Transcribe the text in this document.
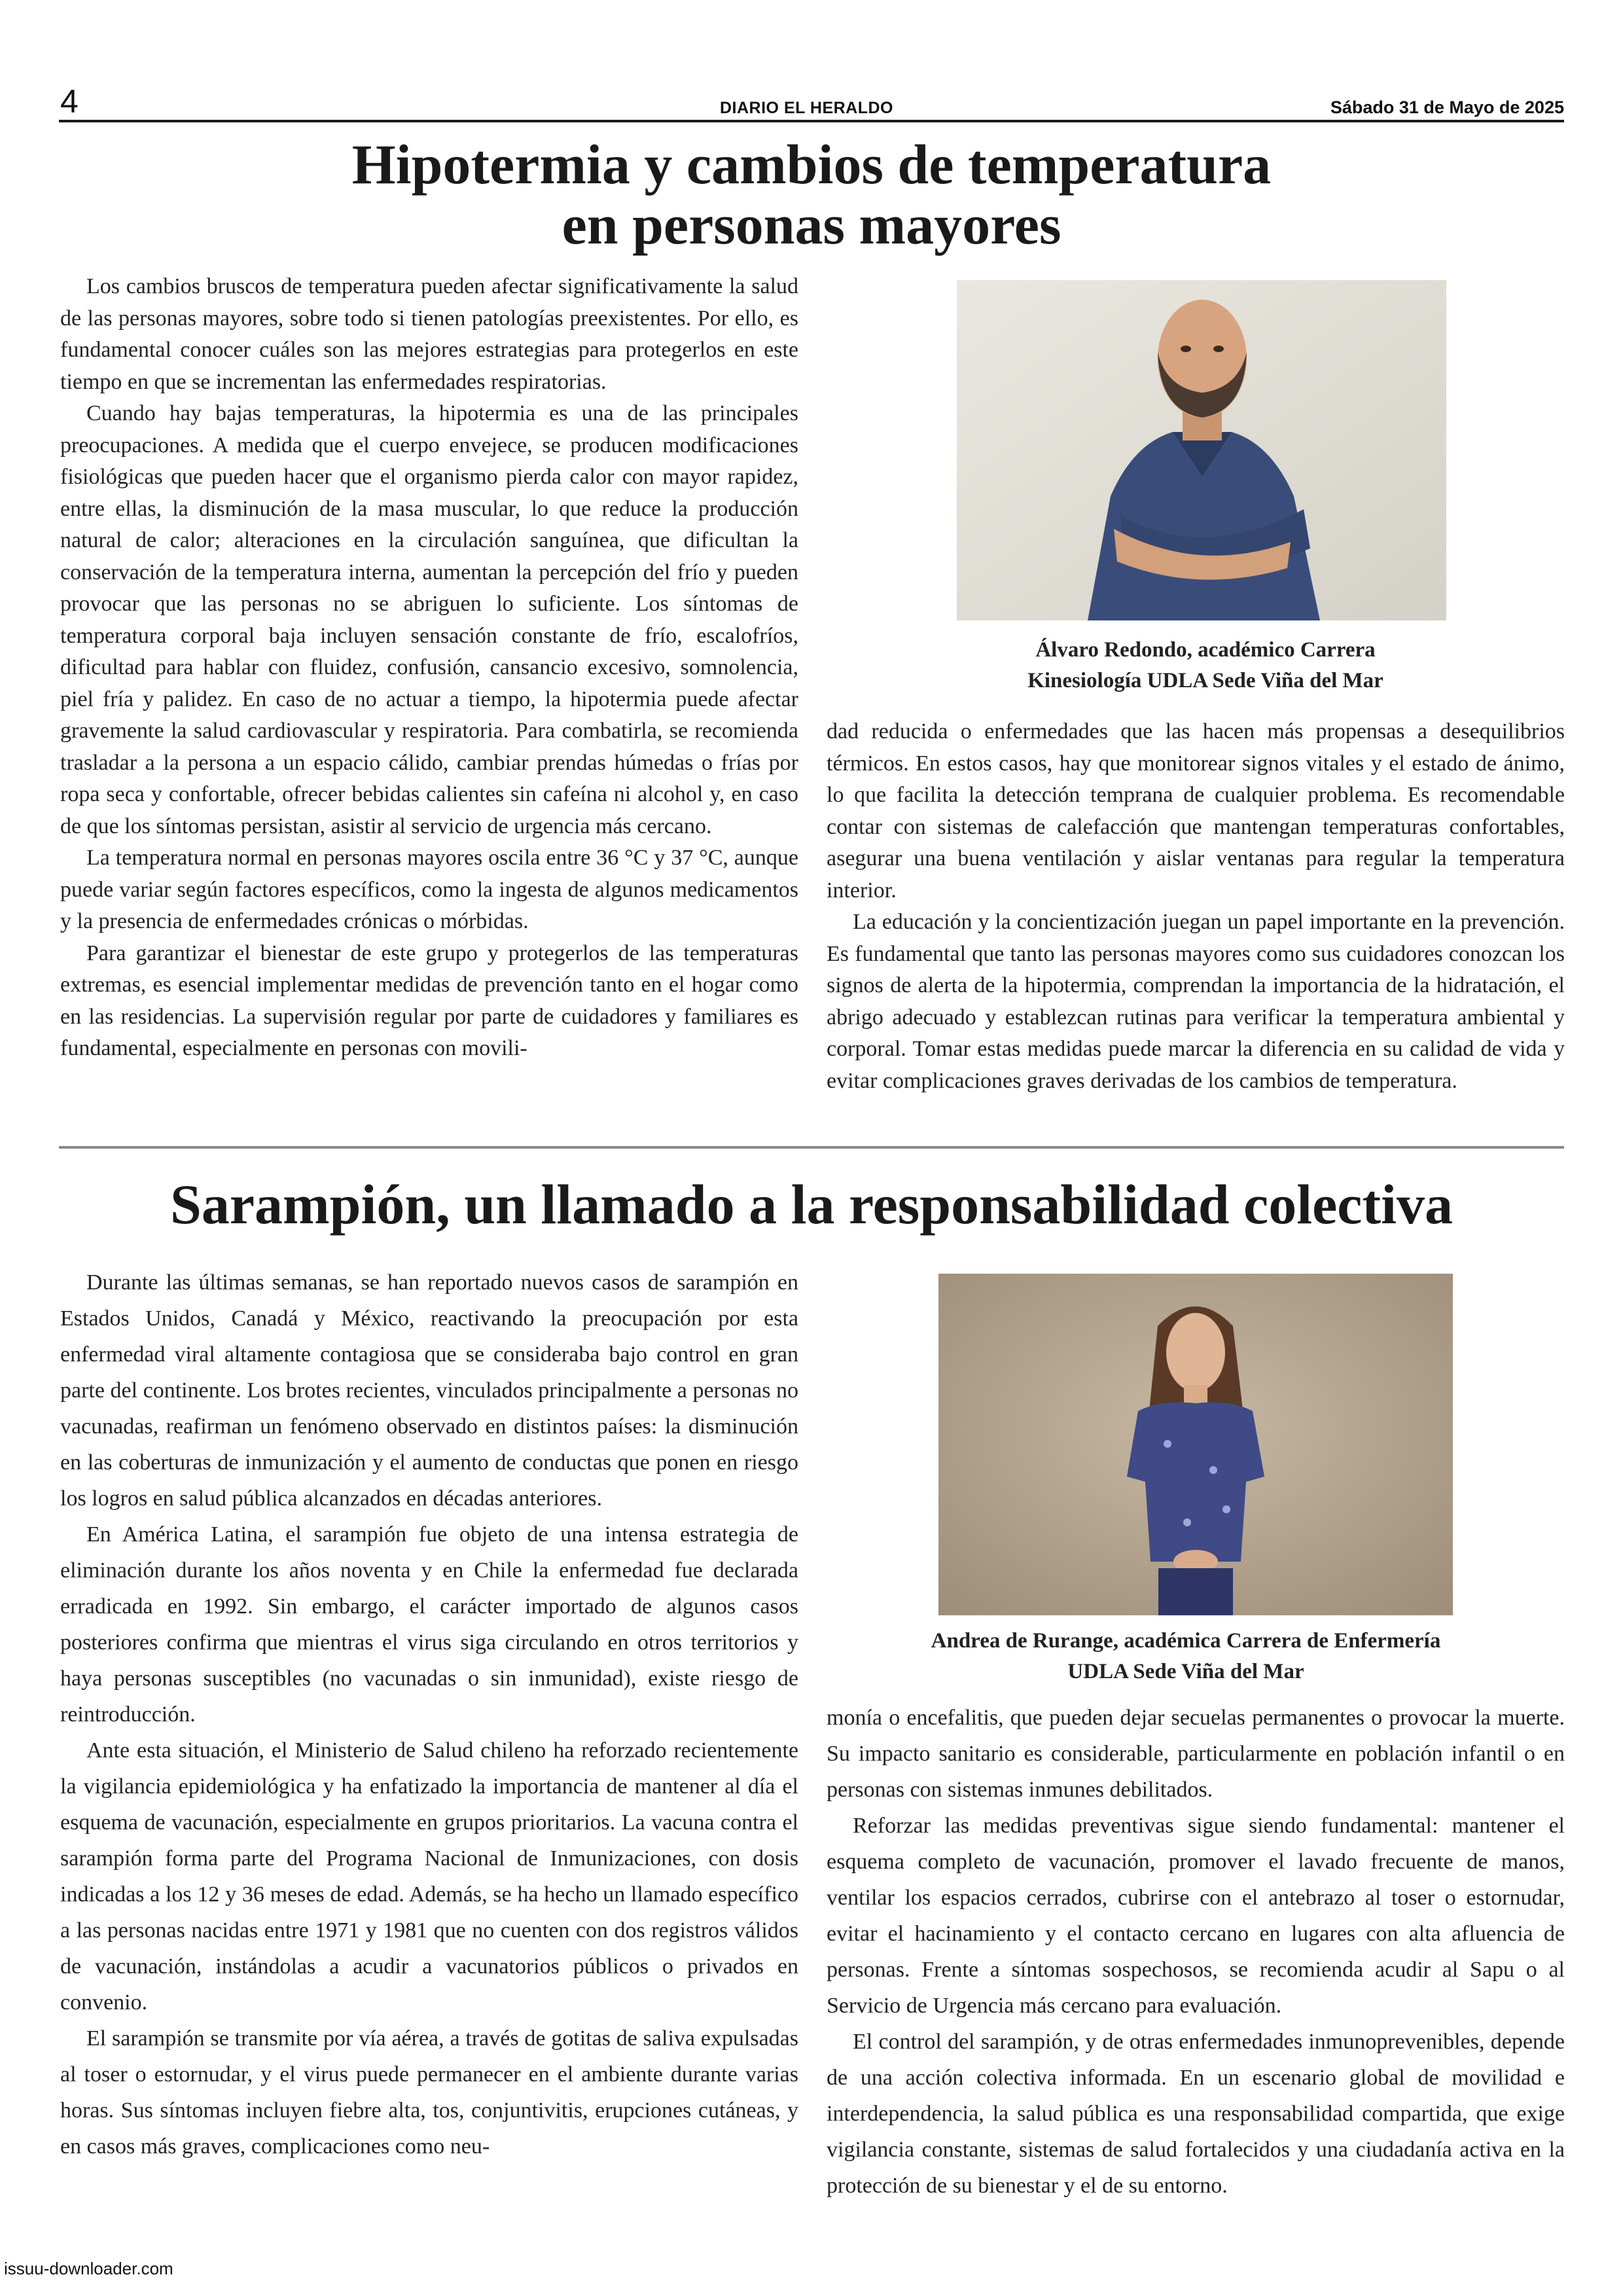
4	DIARIO EL HERALDO	Sábado 31 de Mayo de 2025
Hipotermia y cambios de temperatura
en personas mayores

Los cambios bruscos de temperatura pueden afectar significativamente la salud de las personas mayores, sobre todo si tienen patologías preexistentes. Por ello, es fundamental conocer cuáles son las mejores estrategias para protegerlos en este tiempo en que se incrementan las enfermedades respiratorias.

Cuando hay bajas temperaturas, la hipotermia es una de las principales preocupaciones. A medida que el cuerpo envejece, se producen modificaciones fisiológicas que pueden hacer que el organismo pierda calor con mayor rapidez, entre ellas, la disminución de la masa muscular, lo que reduce la producción natural de calor; alteraciones en la circulación sanguínea, que dificultan la conservación de la temperatura interna, aumentan la percepción del frío y pueden provocar que las personas no se abriguen lo suficiente. Los síntomas de temperatura corporal baja incluyen sensación constante de frío, escalofríos, dificultad para hablar con fluidez, confusión, cansancio excesivo, somnolencia, piel fría y palidez. En caso de no actuar a tiempo, la hipotermia puede afectar gravemente la salud cardiovascular y respiratoria. Para combatirla, se recomienda trasladar a la persona a un espacio cálido, cambiar prendas húmedas o frías por ropa seca y confortable, ofrecer bebidas calientes sin cafeína ni alcohol y, en caso de que los síntomas persistan, asistir al servicio de urgencia más cercano.

La temperatura normal en personas mayores oscila entre 36 °C y 37 °C, aunque puede variar según factores específicos, como la ingesta de algunos medicamentos y la presencia de enfermedades crónicas o mórbidas.

Para garantizar el bienestar de este grupo y protegerlos de las temperaturas extremas, es esencial implementar medidas de prevención tanto en el hogar como en las residencias. La supervisión regular por parte de cuidadores y familiares es fundamental, especialmente en personas con movili-

Álvaro Redondo, académico Carrera
Kinesiología UDLA Sede Viña del Mar

dad reducida o enfermedades que las hacen más propensas a desequilibrios térmicos. En estos casos, hay que monitorear signos vitales y el estado de ánimo, lo que facilita la detección temprana de cualquier problema. Es recomendable contar con sistemas de calefacción que mantengan temperaturas confortables, asegurar una buena ventilación y aislar ventanas para regular la temperatura interior.

La educación y la concientización juegan un papel importante en la prevención. Es fundamental que tanto las personas mayores como sus cuidadores conozcan los signos de alerta de la hipotermia, comprendan la importancia de la hidratación, el abrigo adecuado y establezcan rutinas para verificar la temperatura ambiental y corporal. Tomar estas medidas puede marcar la diferencia en su calidad de vida y evitar complicaciones graves derivadas de los cambios de temperatura.

Sarampión, un llamado a la responsabilidad colectiva

Durante las últimas semanas, se han reportado nuevos casos de sarampión en Estados Unidos, Canadá y México, reactivando la preocupación por esta enfermedad viral altamente contagiosa que se consideraba bajo control en gran parte del continente. Los brotes recientes, vinculados principalmente a personas no vacunadas, reafirman un fenómeno observado en distintos países: la disminución en las coberturas de inmunización y el aumento de conductas que ponen en riesgo los logros en salud pública alcanzados en décadas anteriores.

En América Latina, el sarampión fue objeto de una intensa estrategia de eliminación durante los años noventa y en Chile la enfermedad fue declarada erradicada en 1992. Sin embargo, el carácter importado de algunos casos posteriores confirma que mientras el virus siga circulando en otros territorios y haya personas susceptibles (no vacunadas o sin inmunidad), existe riesgo de reintroducción.

Ante esta situación, el Ministerio de Salud chileno ha reforzado recientemente la vigilancia epidemiológica y ha enfatizado la importancia de mantener al día el esquema de vacunación, especialmente en grupos prioritarios. La vacuna contra el sarampión forma parte del Programa Nacional de Inmunizaciones, con dosis indicadas a los 12 y 36 meses de edad. Además, se ha hecho un llamado específico a las personas nacidas entre 1971 y 1981 que no cuenten con dos registros válidos de vacunación, instándolas a acudir a vacunatorios públicos o privados en convenio.

El sarampión se transmite por vía aérea, a través de gotitas de saliva expulsadas al toser o estornudar, y el virus puede permanecer en el ambiente durante varias horas. Sus síntomas incluyen fiebre alta, tos, conjuntivitis, erupciones cutáneas, y en casos más graves, complicaciones como neu-

Andrea de Rurange, académica Carrera de Enfermería
UDLA Sede Viña del Mar

monía o encefalitis, que pueden dejar secuelas permanentes o provocar la muerte. Su impacto sanitario es considerable, particularmente en población infantil o en personas con sistemas inmunes debilitados.

Reforzar las medidas preventivas sigue siendo fundamental: mantener el esquema completo de vacunación, promover el lavado frecuente de manos, ventilar los espacios cerrados, cubrirse con el antebrazo al toser o estornudar, evitar el hacinamiento y el contacto cercano en lugares con alta afluencia de personas. Frente a síntomas sospechosos, se recomienda acudir al Sapu o al Servicio de Urgencia más cercano para evaluación.

El control del sarampión, y de otras enfermedades inmunoprevenibles, depende de una acción colectiva informada. En un escenario global de movilidad e interdependencia, la salud pública es una responsabilidad compartida, que exige vigilancia constante, sistemas de salud fortalecidos y una ciudadanía activa en la protección de su bienestar y el de su entorno.

issuu-downloader.com
